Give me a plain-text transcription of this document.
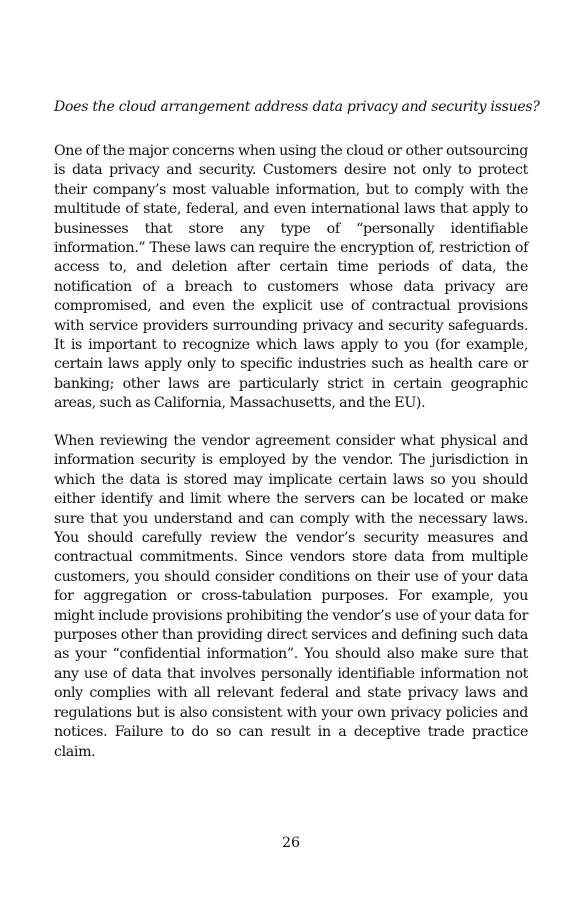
Does the cloud arrangement address data privacy and security issues?

One of the major concerns when using the cloud or other outsourcing is data privacy and security. Customers desire not only to protect their company’s most valuable information, but to comply with the multitude of state, federal, and even international laws that apply to businesses that store any type of “personally identifiable information.” These laws can require the encryption of, restriction of access to, and deletion after certain time periods of data, the notification of a breach to customers whose data privacy are compromised, and even the explicit use of contractual provisions with service providers surrounding privacy and security safeguards. It is important to recognize which laws apply to you (for example, certain laws apply only to specific industries such as health care or banking; other laws are particularly strict in certain geographic areas, such as California, Massachusetts, and the EU).

When reviewing the vendor agreement consider what physical and information security is employed by the vendor. The jurisdiction in which the data is stored may implicate certain laws so you should either identify and limit where the servers can be located or make sure that you understand and can comply with the necessary laws. You should carefully review the vendor’s security measures and contractual commitments. Since vendors store data from multiple customers, you should consider conditions on their use of your data for aggregation or cross-tabulation purposes. For example, you might include provisions prohibiting the vendor’s use of your data for purposes other than providing direct services and defining such data as your “confidential information”. You should also make sure that any use of data that involves personally identifiable information not only complies with all relevant federal and state privacy laws and regulations but is also consistent with your own privacy policies and notices. Failure to do so can result in a deceptive trade practice claim.

26
